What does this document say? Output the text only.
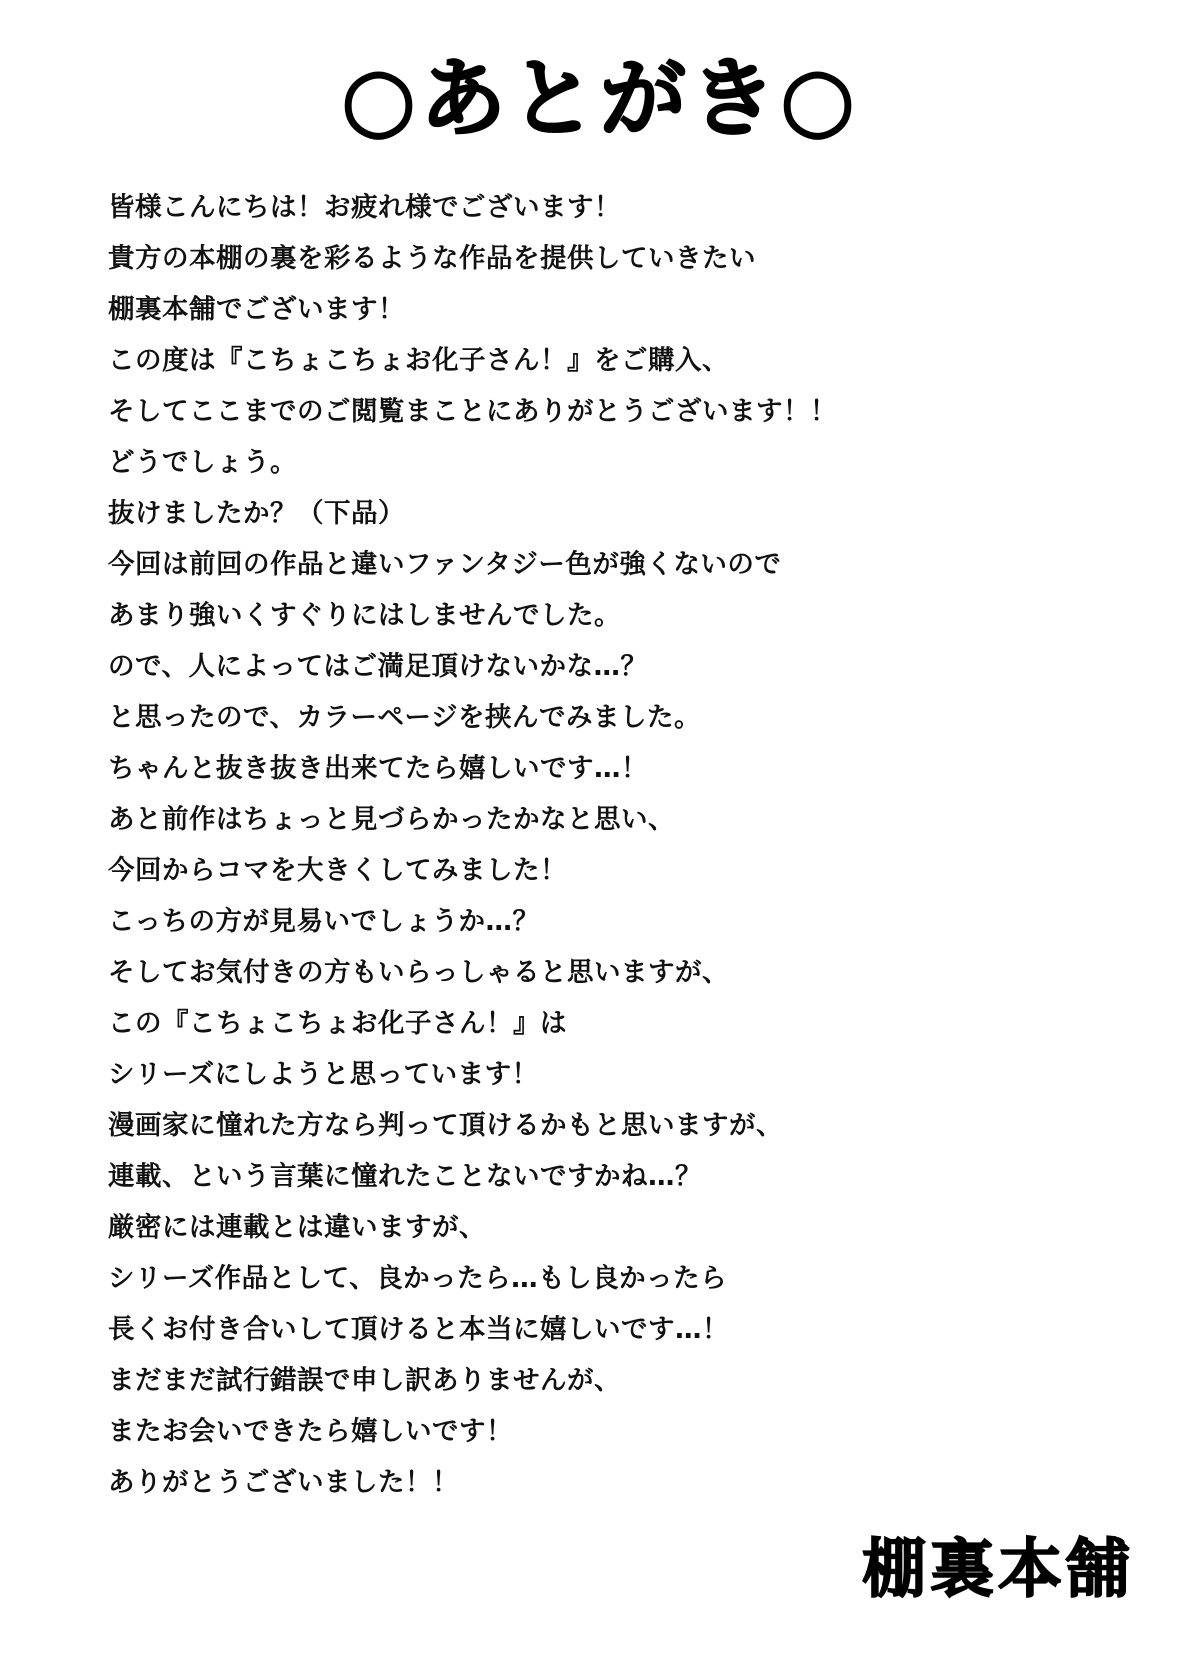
○あとがき○

皆様こんにちは！お疲れ様でございます！

貴方の本棚の裏を彩るような作品を提供していきたい

棚裏本舗でございます！

この度は『こちょこちょお化子さん！』をご購入、

そしてここまでのご閲覧まことにありがとうございます！！

どうでしょう。

抜けましたか？（下品）

今回は前回の作品と違いファンタジー色が強くないので

あまり強いくすぐりにはしませんでした。

ので、人によってはご満足頂けないかな…？

と思ったので、カラーページを挟んでみました。

ちゃんと抜き抜き出来てたら嬉しいです…！

あと前作はちょっと見づらかったかなと思い、

今回からコマを大きくしてみました！

こっちの方が見易いでしょうか…？

そしてお気付きの方もいらっしゃると思いますが、

この『こちょこちょお化子さん！』は

シリーズにしようと思っています！

漫画家に憧れた方なら判って頂けるかもと思いますが、

連載、という言葉に憧れたことないですかね…？

厳密には連載とは違いますが、

シリーズ作品として、良かったら…もし良かったら

長くお付き合いして頂けると本当に嬉しいです…！

まだまだ試行錯誤で申し訳ありませんが、

またお会いできたら嬉しいです！

ありがとうございました！！

棚裏本舗
